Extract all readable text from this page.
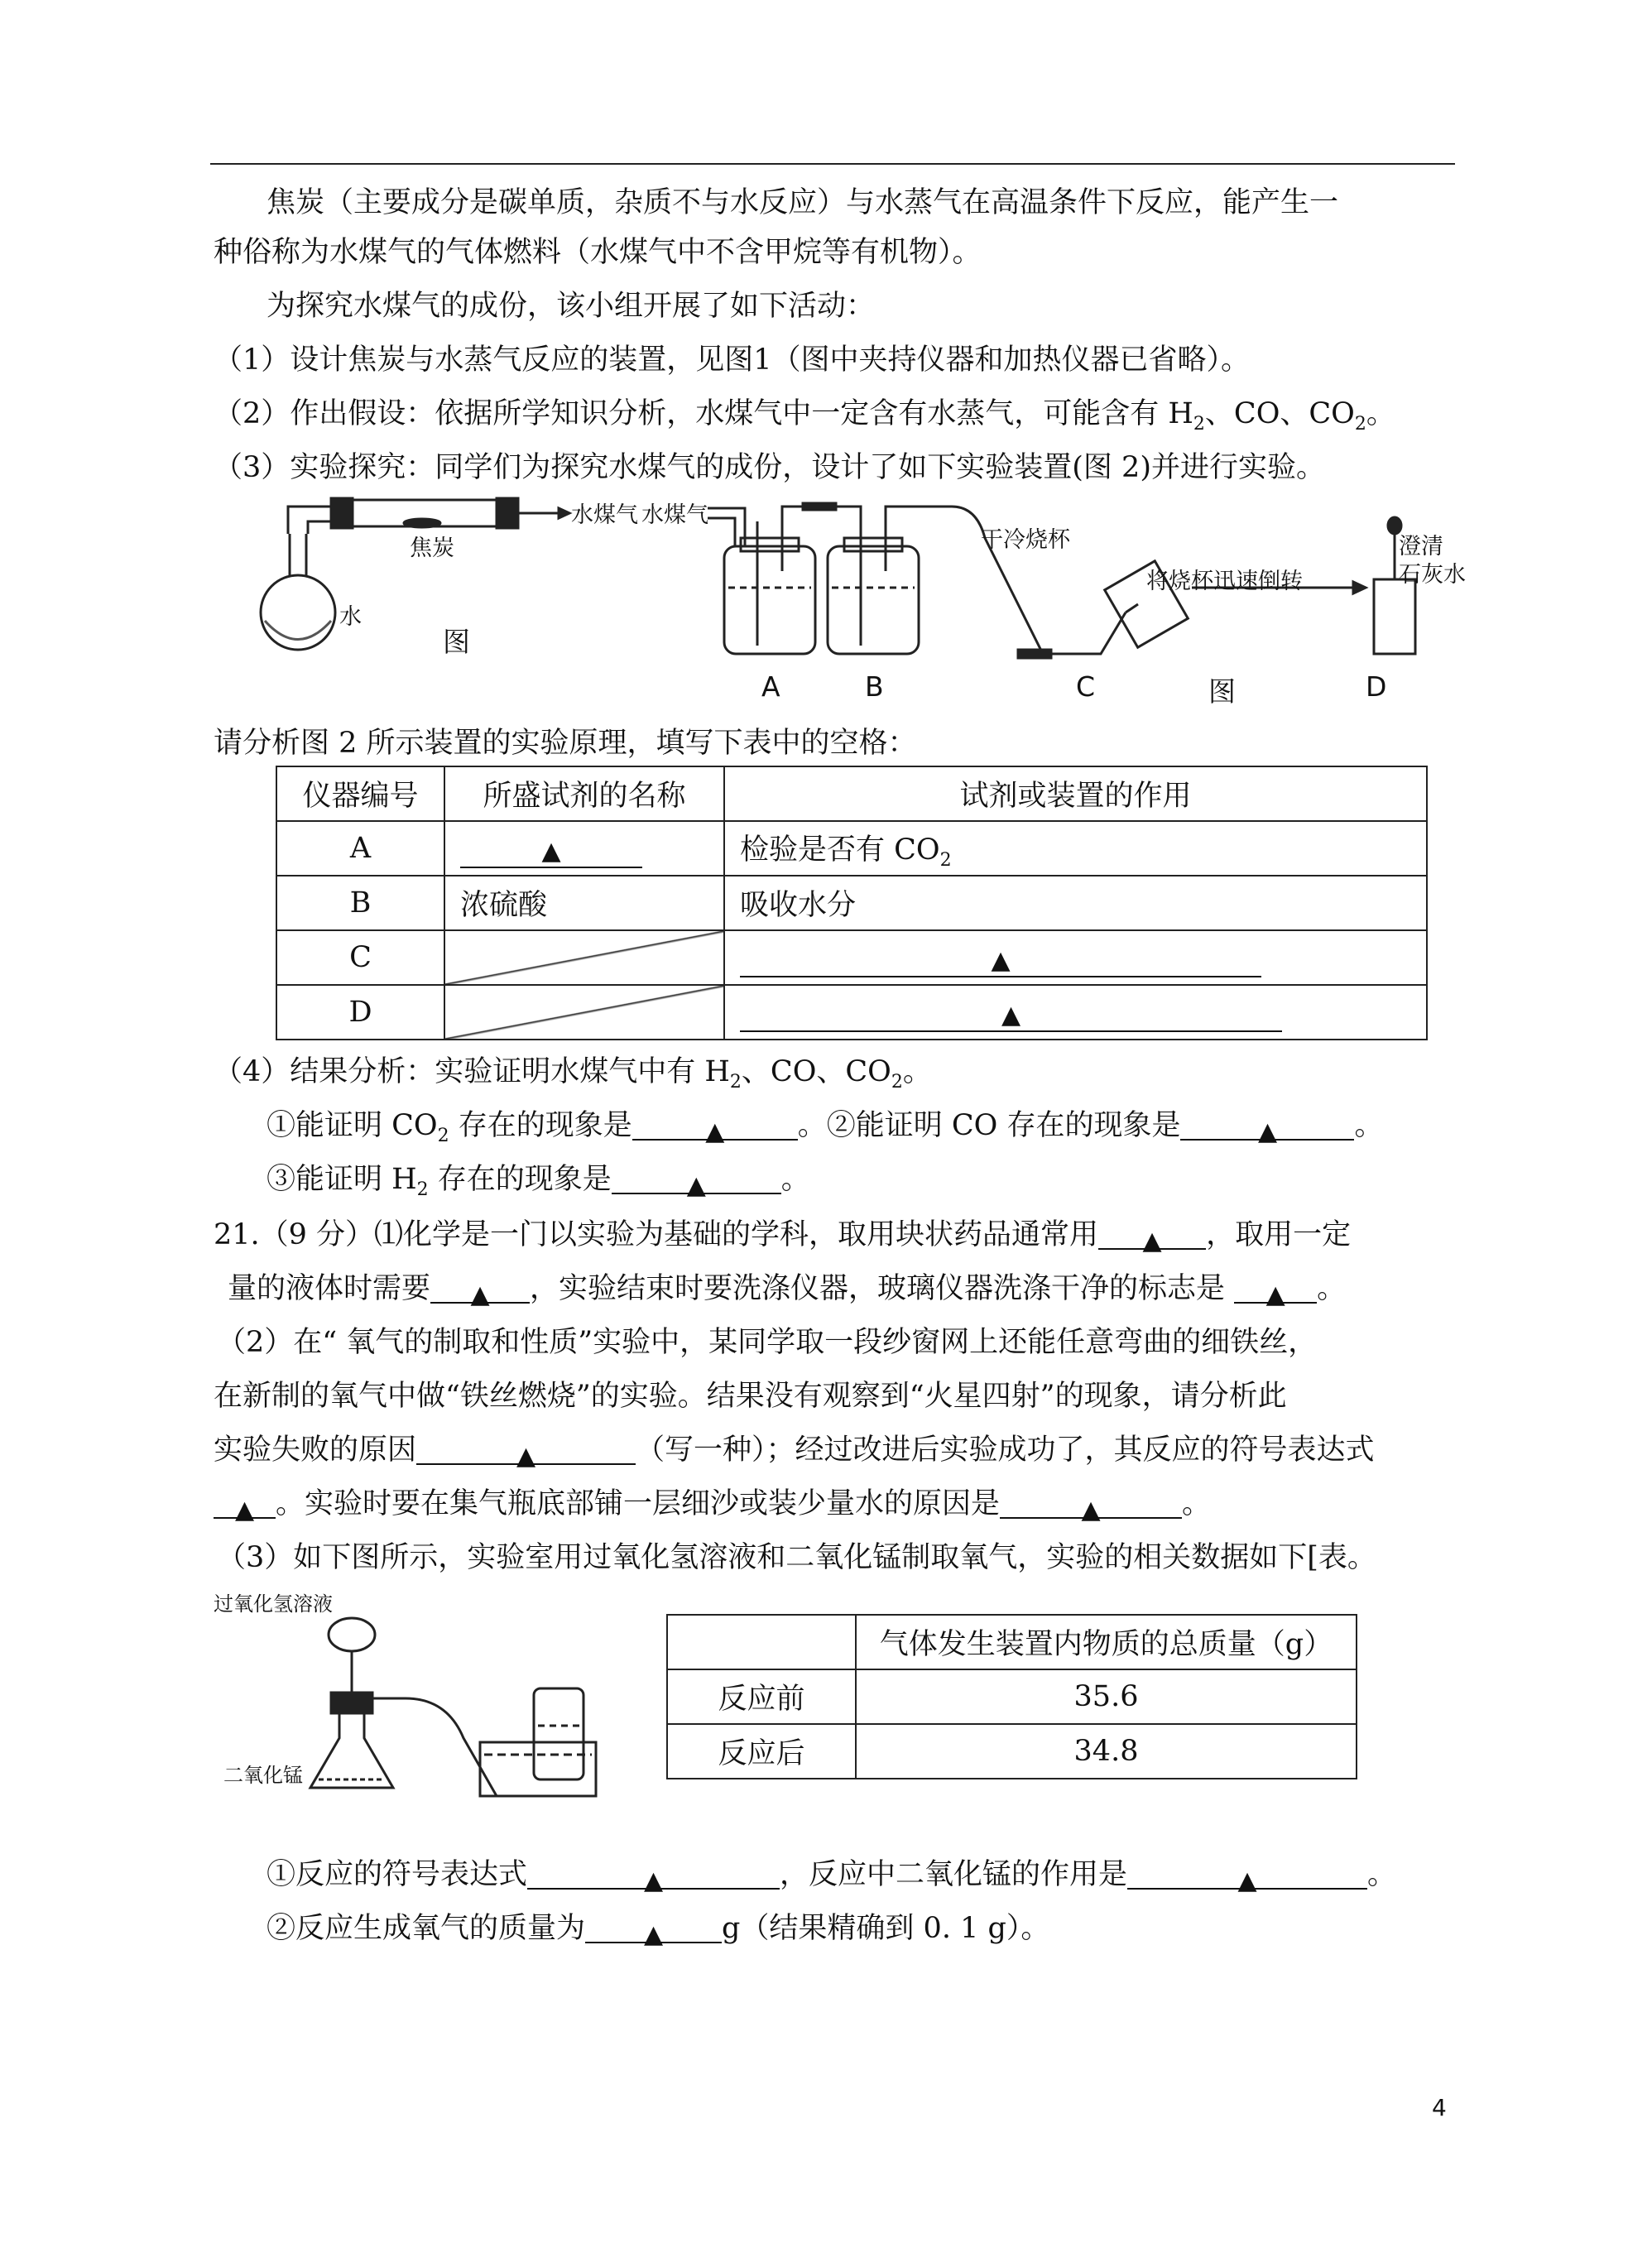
焦炭（主要成分是碳单质，杂质不与水反应）与水蒸气在高温条件下反应，能产生一
种俗称为水煤气的气体燃料（水煤气中不含甲烷等有机物）。
为探究水煤气的成份，该小组开展了如下活动：
（1）设计焦炭与水蒸气反应的装置，见图1（图中夹持仪器和加热仪器已省略）。
（2）作出假设：依据所学知识分析，水煤气中一定含有水蒸气，可能含有 $H_2$、CO、$CO_2$。
（3）实验探究：同学们为探究水煤气的成份，设计了如下实验装置(图 2)并进行实验。
焦炭
水
水煤气 水煤气
图
干冷烧杯
将烧杯迅速倒转
澄清
石灰水
A	B	C	图	D
请分析图 2 所示装置的实验原理，填写下表中的空格：
仪器编号	所盛试剂的名称	试剂或装置的作用
A	▲	检验是否有 $CO_2$
B	浓硫酸	吸收水分
C		▲
D		▲
（4）结果分析：实验证明水煤气中有 $H_2$、CO、$CO_2$。
①能证明 $CO_2$ 存在的现象是	▲	。②能证明 CO 存在的现象是	▲	。
③能证明 $H_2$ 存在的现象是	▲	。
21.（9 分）⑴化学是一门以实验为基础的学科，取用块状药品通常用 ▲ ，取用一定
量的液体时需要 ▲ ，实验结束时要洗涤仪器，玻璃仪器洗涤干净的标志是 ▲ 。
（2）在“ 氧气的制取和性质”实验中，某同学取一段纱窗网上还能任意弯曲的细铁丝，
在新制的氧气中做“铁丝燃烧”的实验。结果没有观察到“火星四射”的现象，请分析此
实验失败的原因	▲	（写一种）；经过改进后实验成功了，其反应的符号表达式
▲ 。实验时要在集气瓶底部铺一层细沙或装少量水的原因是	▲	。
（3）如下图所示，实验室用过氧化氢溶液和二氧化锰制取氧气，实验的相关数据如下[表。
过氧化氢溶液
二氧化锰
	气体发生装置内物质的总质量（g）
反应前	35.6
反应后	34.8
①反应的符号表达式	▲	，反应中二氧化锰的作用是	▲	。
②反应生成氧气的质量为 ▲ g（结果精确到 0. 1 g）。
4
